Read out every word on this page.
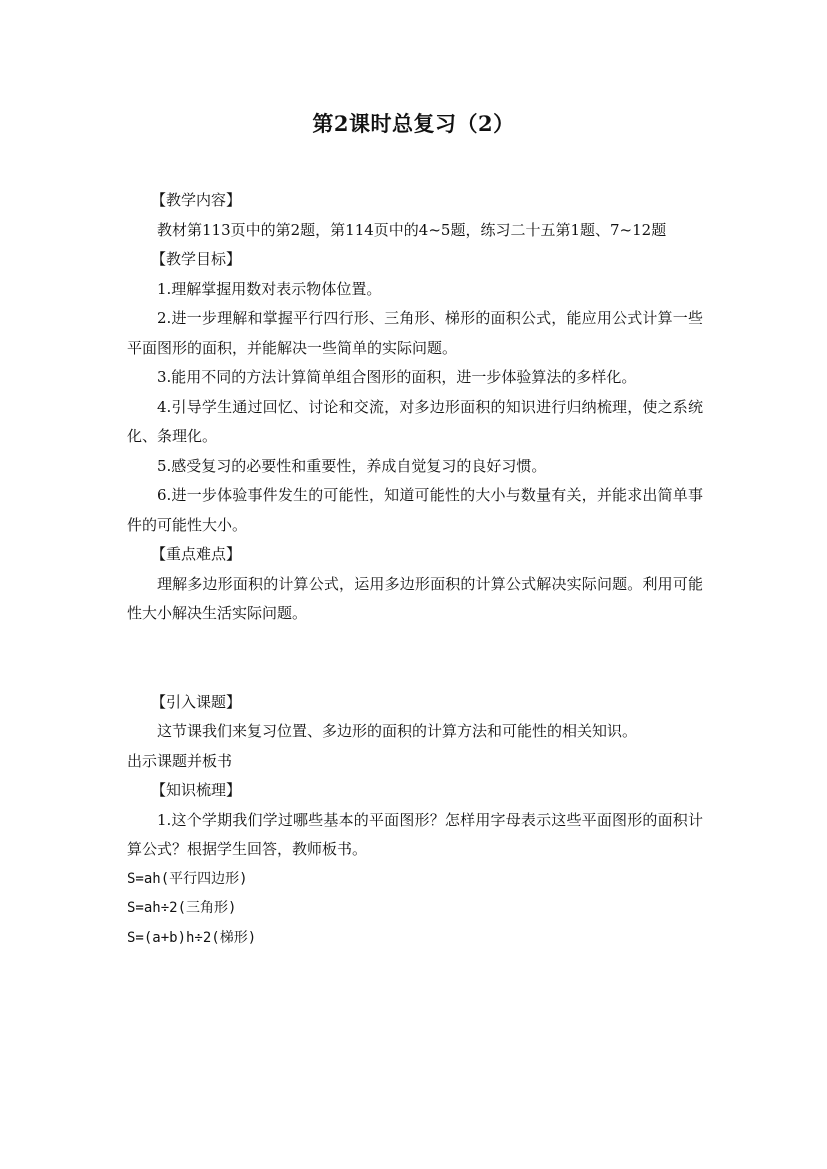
第2课时总复习（2）

【教学内容】

教材第113页中的第2题，第114页中的4~5题，练习二十五第1题、7~12题

【教学目标】

1.理解掌握用数对表示物体位置。

2.进一步理解和掌握平行四行形、三角形、梯形的面积公式，能应用公式计算一些平面图形的面积，并能解决一些简单的实际问题。

3.能用不同的方法计算简单组合图形的面积，进一步体验算法的多样化。

4.引导学生通过回忆、讨论和交流，对多边形面积的知识进行归纳梳理，使之系统化、条理化。

5.感受复习的必要性和重要性，养成自觉复习的良好习惯。

6.进一步体验事件发生的可能性，知道可能性的大小与数量有关，并能求出简单事件的可能性大小。

【重点难点】

理解多边形面积的计算公式，运用多边形面积的计算公式解决实际问题。利用可能性大小解决生活实际问题。

【引入课题】

这节课我们来复习位置、多边形的面积的计算方法和可能性的相关知识。

出示课题并板书

【知识梳理】

1.这个学期我们学过哪些基本的平面图形？怎样用字母表示这些平面图形的面积计算公式？根据学生回答，教师板书。

S=ah(平行四边形)

S=ah÷2(三角形)

S=(a+b)h÷2(梯形)
